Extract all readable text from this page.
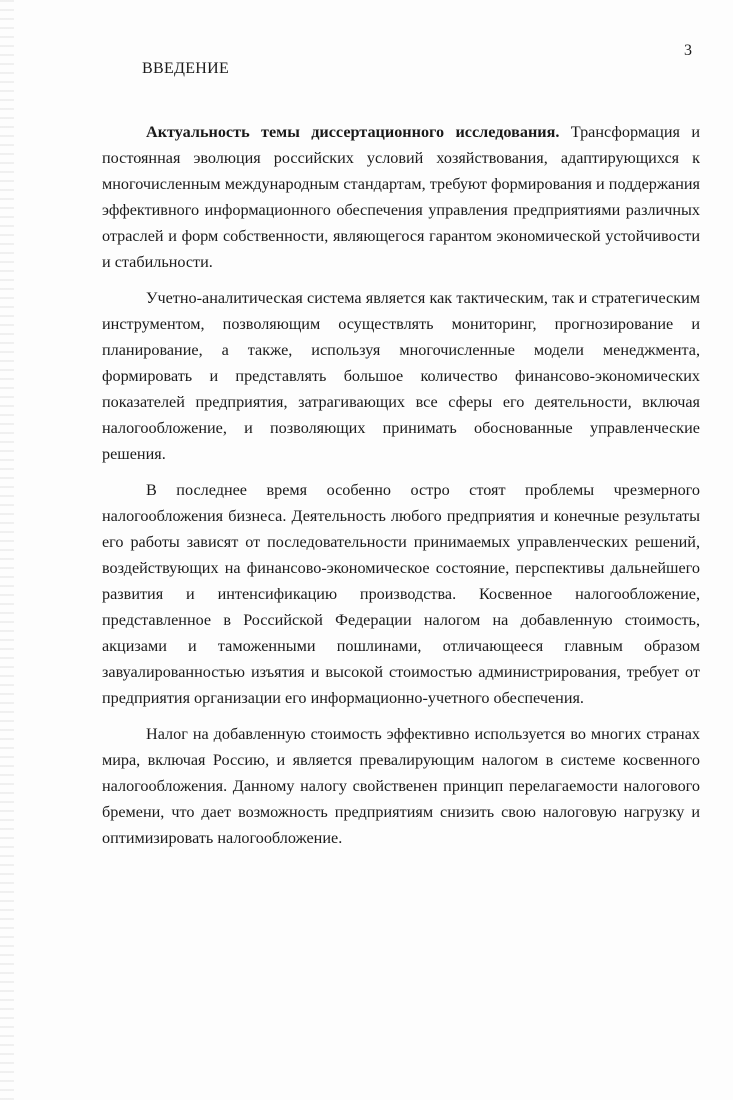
3
ВВЕДЕНИЕ

Актуальность темы диссертационного исследования. Трансформация и постоянная эволюция российских условий хозяйствования, адаптирующихся к многочисленным международным стандартам, требуют формирования и поддержания эффективного информационного обеспечения управления предприятиями различных отраслей и форм собственности, являющегося гарантом экономической устойчивости и стабильности.

Учетно-аналитическая система является как тактическим, так и стратегическим инструментом, позволяющим осуществлять мониторинг, прогнозирование и планирование, а также, используя многочисленные модели менеджмента, формировать и представлять большое количество финансово-экономических показателей предприятия, затрагивающих все сферы его деятельности, включая налогообложение, и позволяющих принимать обоснованные управленческие решения.

В последнее время особенно остро стоят проблемы чрезмерного налогообложения бизнеса. Деятельность любого предприятия и конечные результаты его работы зависят от последовательности принимаемых управленческих решений, воздействующих на финансово-экономическое состояние, перспективы дальнейшего развития и интенсификацию производства. Косвенное налогообложение, представленное в Российской Федерации налогом на добавленную стоимость, акцизами и таможенными пошлинами, отличающееся главным образом завуалированностью изъятия и высокой стоимостью администрирования, требует от предприятия организации его информационно-учетного обеспечения.

Налог на добавленную стоимость эффективно используется во многих странах мира, включая Россию, и является превалирующим налогом в системе косвенного налогообложения. Данному налогу свойственен принцип перелагаемости налогового бремени, что дает возможность предприятиям снизить свою налоговую нагрузку и оптимизировать налогообложение.
